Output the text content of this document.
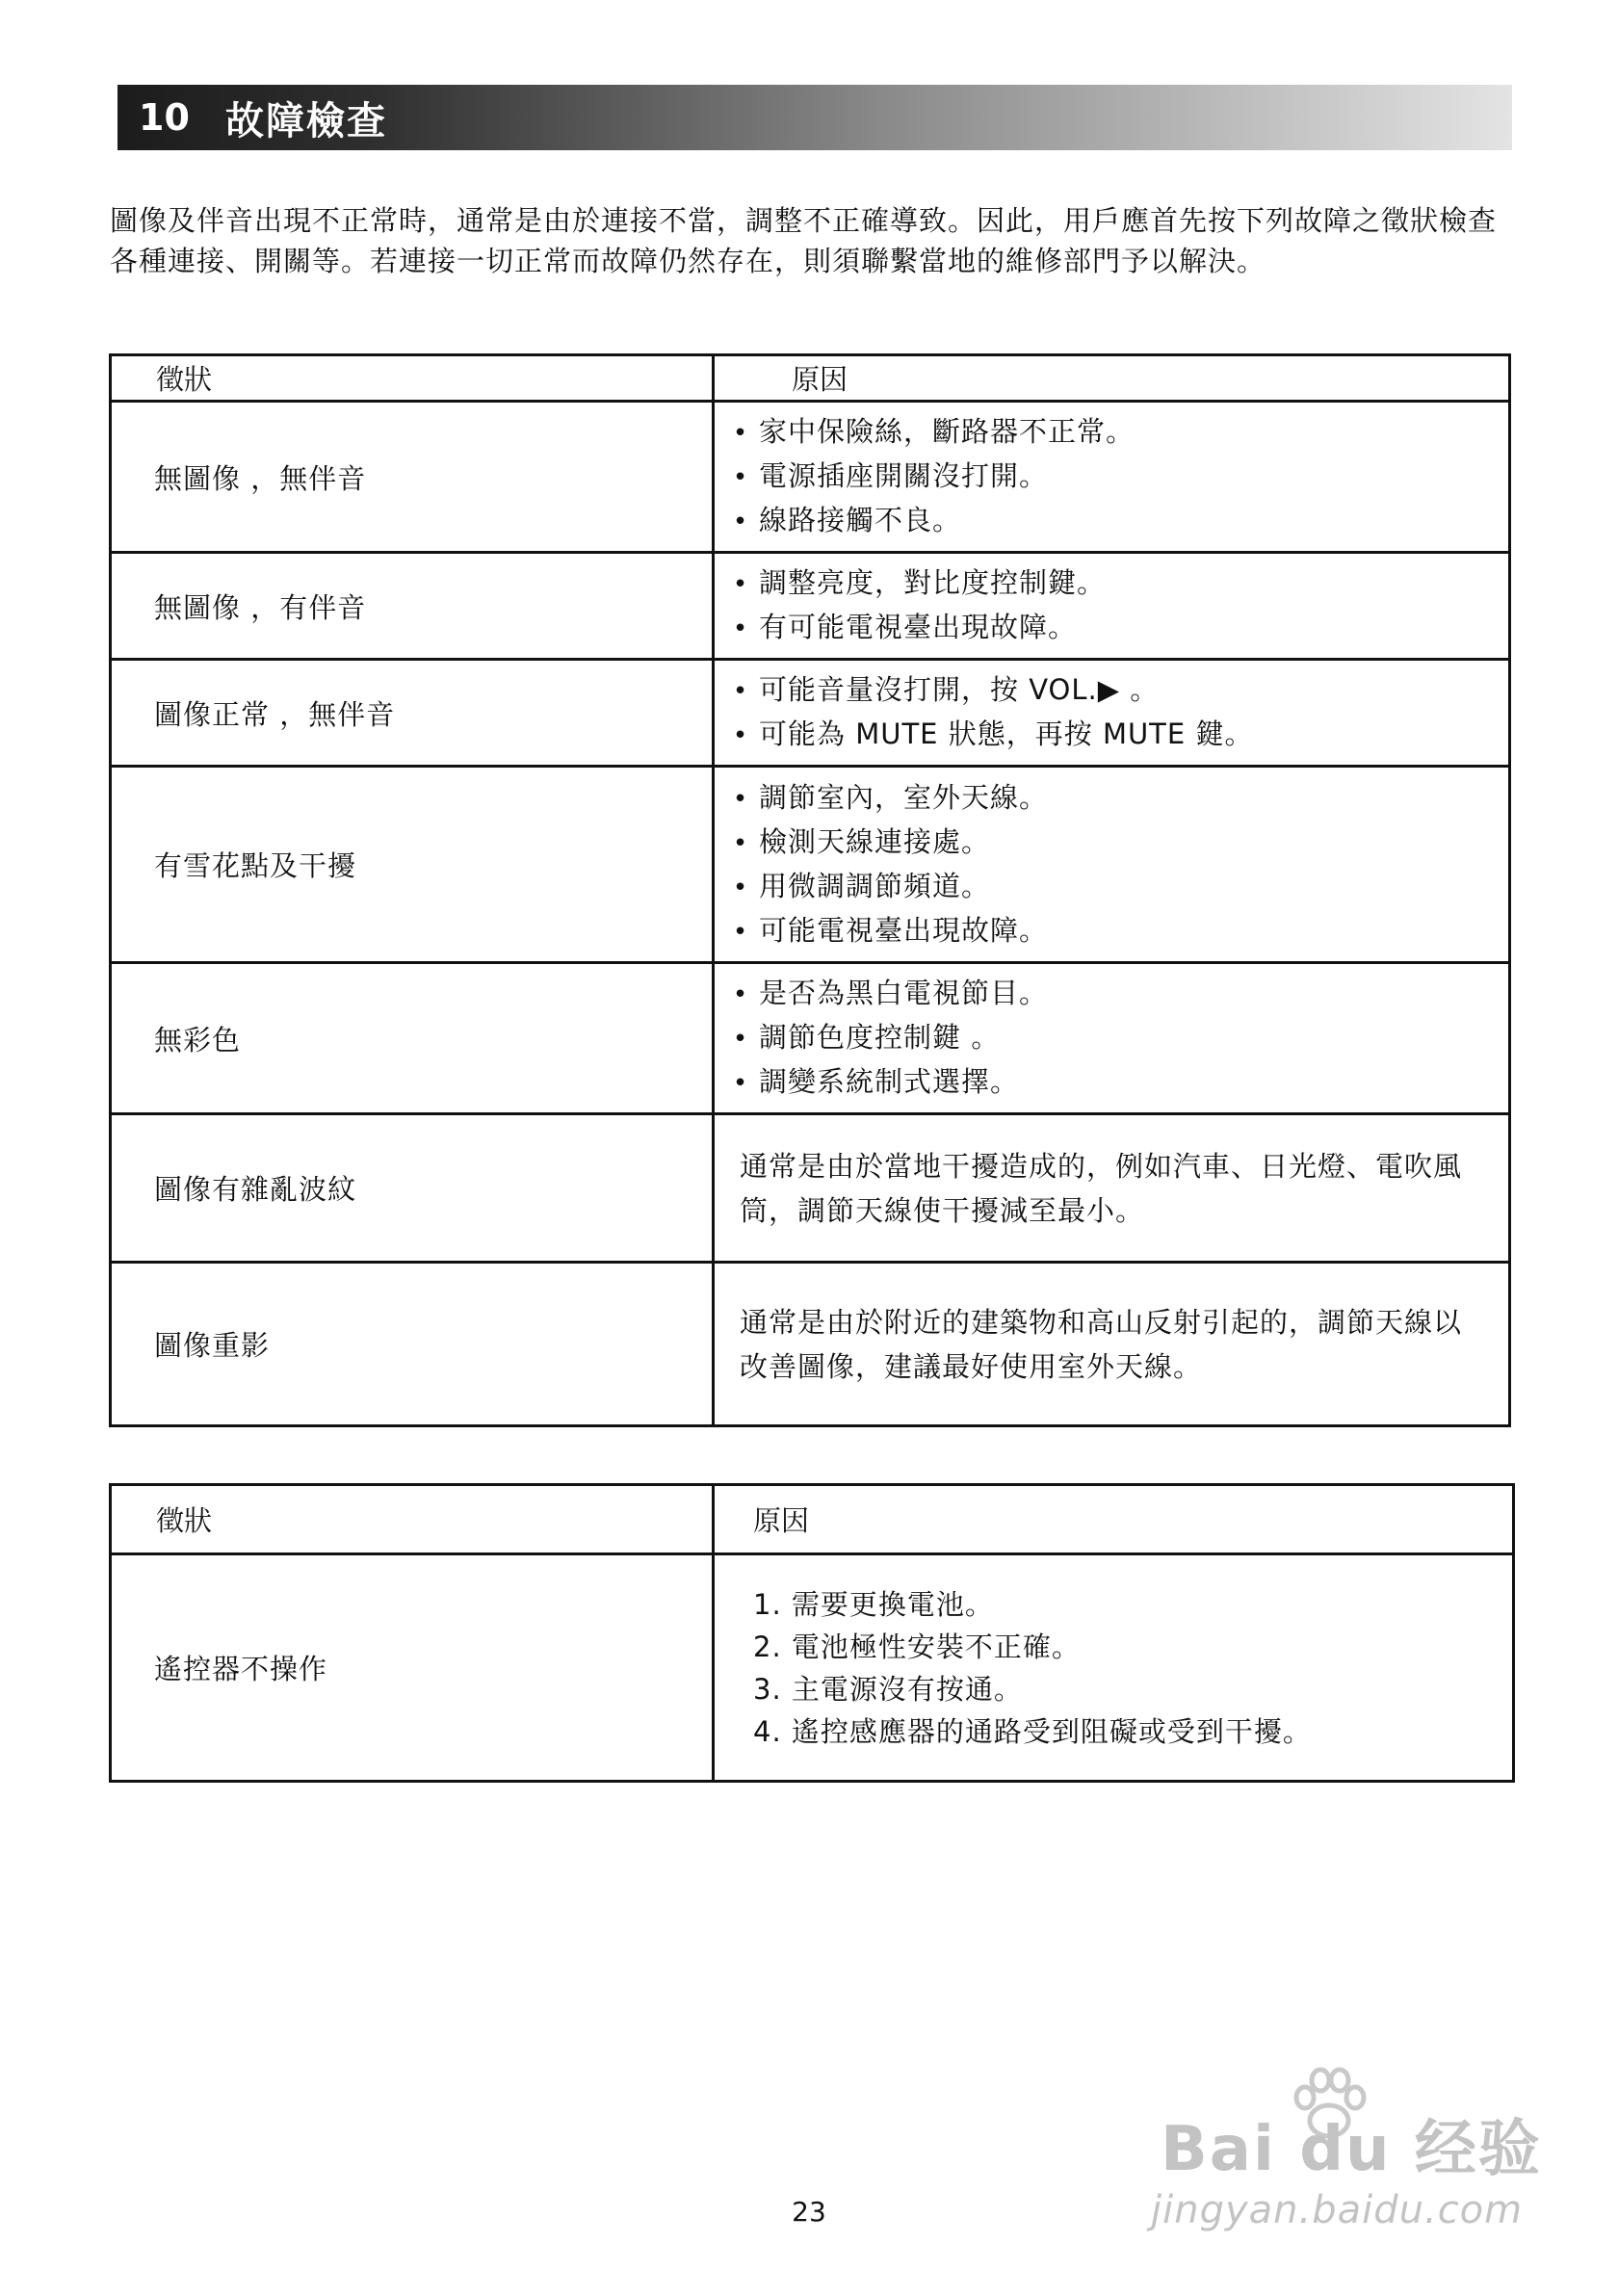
10 故障檢查
圖像及伴音出現不正常時，通常是由於連接不當，調整不正確導致。因此，用戶應首先按下列故障之徵狀檢查各種連接、開關等。若連接一切正常而故障仍然存在，則須聯繫當地的維修部門予以解決。
徵狀	原因
無圖像 ，無伴音	• 家中保險絲，斷路器不正常。
• 電源插座開關沒打開。
• 線路接觸不良。

無圖像 ，有伴音	• 調整亮度，對比度控制鍵。
• 有可能電視臺出現故障。

圖像正常 ，無伴音	• 可能音量沒打開，按 VOL.▶ 。
• 可能為 MUTE 狀態，再按 MUTE 鍵。

有雪花點及干擾	• 調節室內，室外天線。
• 檢測天線連接處。
• 用微調調節頻道。
• 可能電視臺出現故障。

無彩色	• 是否為黑白電視節目。
• 調節色度控制鍵 。
• 調變系統制式選擇。

圖像有雜亂波紋	通常是由於當地干擾造成的，例如汽車、日光燈、電吹風筒，調節天線使干擾減至最小。

圖像重影	通常是由於附近的建築物和高山反射引起的，調節天線以改善圖像，建議最好使用室外天線。
徵狀	原因
遙控器不操作	1. 需要更換電池。
2. 電池極性安裝不正確。
3. 主電源沒有按通。
4. 遙控感應器的通路受到阻礙或受到干擾。
23
Bai du 经验
jingyan.baidu.com
